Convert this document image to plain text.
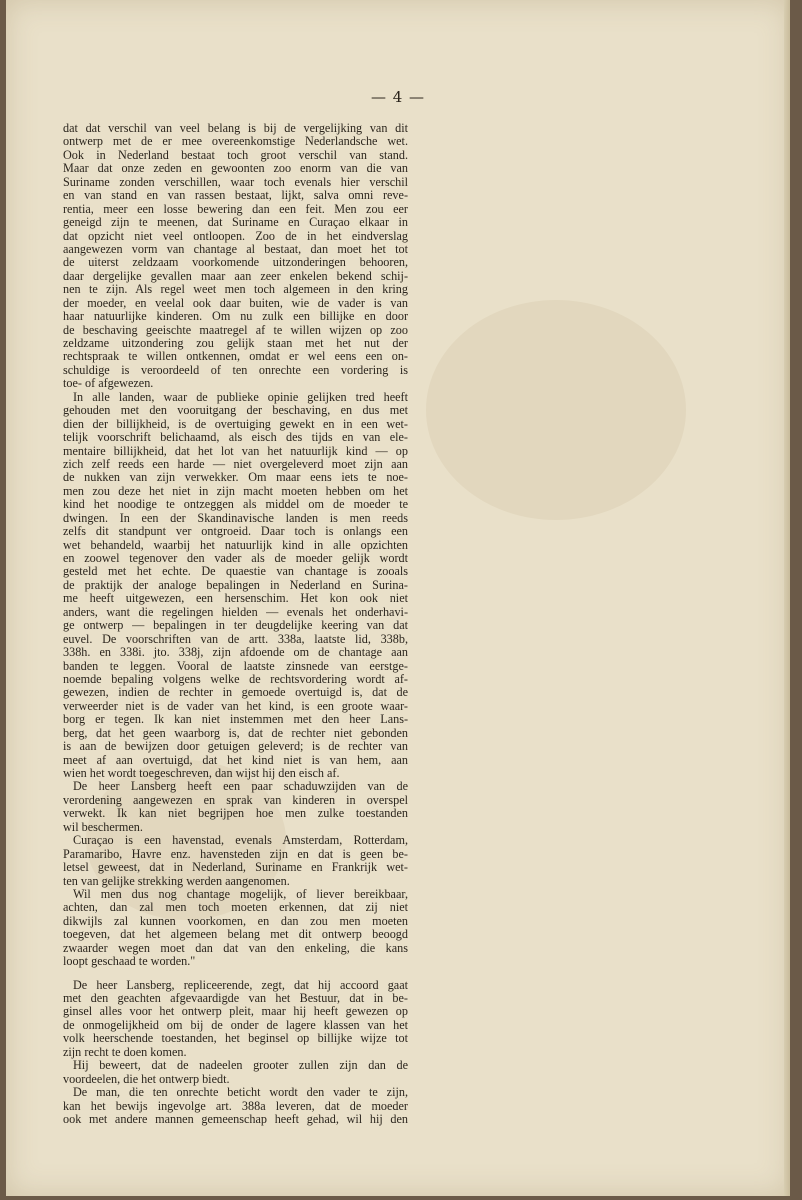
— 4 —
dat dat verschil van veel belang is bij de vergelijking van dit
ontwerp met de er mee overeenkomstige Nederlandsche wet.
Ook in Nederland bestaat toch groot verschil van stand.
Maar dat onze zeden en gewoonten zoo enorm van die van
Suriname zonden verschillen, waar toch evenals hier verschil
en van stand en van rassen bestaat, lijkt, salva omni reve-
rentia, meer een losse bewering dan een feit. Men zou eer
geneigd zijn te meenen, dat Suriname en Curaçao elkaar in
dat opzicht niet veel ontloopen. Zoo de in het eindverslag
aangewezen vorm van chantage al bestaat, dan moet het tot
de uiterst zeldzaam voorkomende uitzonderingen behooren,
daar dergelijke gevallen maar aan zeer enkelen bekend schij-
nen te zijn. Als regel weet men toch algemeen in den kring
der moeder, en veelal ook daar buiten, wie de vader is van
haar natuurlijke kinderen. Om nu zulk een billijke en door
de beschaving geeischte maatregel af te willen wijzen op zoo
zeldzame uitzondering zou gelijk staan met het nut der
rechtspraak te willen ontkennen, omdat er wel eens een on-
schuldige is veroordeeld of ten onrechte een vordering is
toe- of afgewezen.
In alle landen, waar de publieke opinie gelijken tred heeft
gehouden met den vooruitgang der beschaving, en dus met
dien der billijkheid, is de overtuiging gewekt en in een wet-
telijk voorschrift belichaamd, als eisch des tijds en van ele-
mentaire billijkheid, dat het lot van het natuurlijk kind — op
zich zelf reeds een harde — niet overgeleverd moet zijn aan
de nukken van zijn verwekker. Om maar eens iets te noe-
men zou deze het niet in zijn macht moeten hebben om het
kind het noodige te ontzeggen als middel om de moeder te
dwingen. In een der Skandinavische landen is men reeds
zelfs dit standpunt ver ontgroeid. Daar toch is onlangs een
wet behandeld, waarbij het natuurlijk kind in alle opzichten
en zoowel tegenover den vader als de moeder gelijk wordt
gesteld met het echte. De quaestie van chantage is zooals
de praktijk der analoge bepalingen in Nederland en Surina-
me heeft uitgewezen, een hersenschim. Het kon ook niet
anders, want die regelingen hielden — evenals het onderhavi-
ge ontwerp — bepalingen in ter deugdelijke keering van dat
euvel. De voorschriften van de artt. 338a, laatste lid, 338b,
338h. en 338i. jto. 338j, zijn afdoende om de chantage aan
banden te leggen. Vooral de laatste zinsnede van eerstge-
noemde bepaling volgens welke de rechtsvordering wordt af-
gewezen, indien de rechter in gemoede overtuigd is, dat de
verweerder niet is de vader van het kind, is een groote waar-
borg er tegen. Ik kan niet instemmen met den heer Lans-
berg, dat het geen waarborg is, dat de rechter niet gebonden
is aan de bewijzen door getuigen geleverd; is de rechter van
meet af aan overtuigd, dat het kind niet is van hem, aan
wien het wordt toegeschreven, dan wijst hij den eisch af.
De heer Lansberg heeft een paar schaduwzijden van de
verordening aangewezen en sprak van kinderen in overspel
verwekt. Ik kan niet begrijpen hoe men zulke toestanden
wil beschermen.
Curaçao is een havenstad, evenals Amsterdam, Rotterdam,
Paramaribo, Havre enz. havensteden zijn en dat is geen be-
letsel geweest, dat in Nederland, Suriname en Frankrijk wet-
ten van gelijke strekking werden aangenomen.
Wil men dus nog chantage mogelijk, of liever bereikbaar,
achten, dan zal men toch moeten erkennen, dat zij niet
dikwijls zal kunnen voorkomen, en dan zou men moeten
toegeven, dat het algemeen belang met dit ontwerp beoogd
zwaarder wegen moet dan dat van den enkeling, die kans
loopt geschaad te worden."
De heer Lansberg, repliceerende, zegt, dat hij accoord gaat
met den geachten afgevaardigde van het Bestuur, dat in be-
ginsel alles voor het ontwerp pleit, maar hij heeft gewezen op
de onmogelijkheid om bij de onder de lagere klassen van het
volk heerschende toestanden, het beginsel op billijke wijze tot
zijn recht te doen komen.
Hij beweert, dat de nadeelen grooter zullen zijn dan de
voordeelen, die het ontwerp biedt.
De man, die ten onrechte beticht wordt den vader te zijn,
kan het bewijs ingevolge art. 388a leveren, dat de moeder
ook met andere mannen gemeenschap heeft gehad, wil hij den
